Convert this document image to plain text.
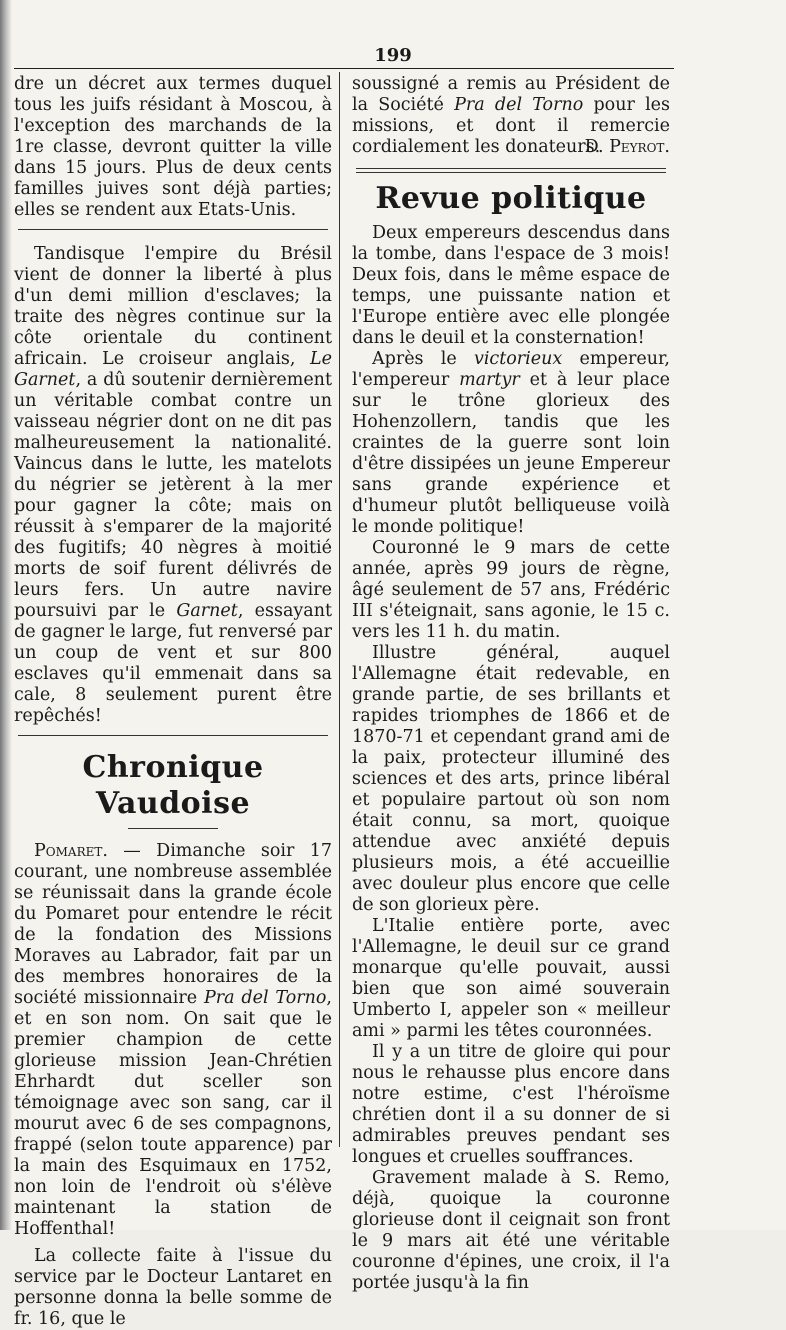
199

dre un décret aux termes duquel tous les juifs résidant à Moscou, à l'exception des marchands de la 1re classe, devront quitter la ville dans 15 jours. Plus de deux cents familles juives sont déjà parties; elles se rendent aux Etats-Unis.

Tandisque l'empire du Brésil vient de donner la liberté à plus d'un demi million d'esclaves; la traite des nègres continue sur la côte orientale du continent africain. Le croiseur anglais, Le Garnet, a dû soutenir dernièrement un véritable combat contre un vaisseau négrier dont on ne dit pas malheureusement la nationalité. Vaincus dans le lutte, les matelots du négrier se jetèrent à la mer pour gagner la côte; mais on réussit à s'emparer de la majorité des fugitifs; 40 nègres à moitié morts de soif furent délivrés de leurs fers. Un autre navire poursuivi par le Garnet, essayant de gagner le large, fut renversé par un coup de vent et sur 800 esclaves qu'il emmenait dans sa cale, 8 seulement purent être repêchés!

Chronique Vaudoise

Pomaret. — Dimanche soir 17 courant, une nombreuse assemblée se réunissait dans la grande école du Pomaret pour entendre le récit de la fondation des Missions Moraves au Labrador, fait par un des membres honoraires de la société missionnaire Pra del Torno, et en son nom. On sait que le premier champion de cette glorieuse mission Jean-Chrétien Ehrhardt dut sceller son témoignage avec son sang, car il mourut avec 6 de ses compagnons, frappé (selon toute apparence) par la main des Esquimaux en 1752, non loin de l'endroit où s'élève maintenant la station de Hoffenthal!

La collecte faite à l'issue du service par le Docteur Lantaret en personne donna la belle somme de fr. 16, que le

soussigné a remis au Président de la Société Pra del Torno pour les missions, et dont il remercie cordialement les donateurs.

D. Peyrot.
Revue politique

Deux empereurs descendus dans la tombe, dans l'espace de 3 mois! Deux fois, dans le même espace de temps, une puissante nation et l'Europe entière avec elle plongée dans le deuil et la consternation!

Après le victorieux empereur, l'empereur martyr et à leur place sur le trône glorieux des Hohenzollern, tandis que les craintes de la guerre sont loin d'être dissipées un jeune Empereur sans grande expérience et d'humeur plutôt belliqueuse voilà le monde politique!

Couronné le 9 mars de cette année, après 99 jours de règne, âgé seulement de 57 ans, Frédéric III s'éteignait, sans agonie, le 15 c. vers les 11 h. du matin.

Illustre général, auquel l'Allemagne était redevable, en grande partie, de ses brillants et rapides triomphes de 1866 et de 1870-71 et cependant grand ami de la paix, protecteur illuminé des sciences et des arts, prince libéral et populaire partout où son nom était connu, sa mort, quoique attendue avec anxiété depuis plusieurs mois, a été accueillie avec douleur plus encore que celle de son glorieux père.

L'Italie entière porte, avec l'Allemagne, le deuil sur ce grand monarque qu'elle pouvait, aussi bien que son aimé souverain Umberto I, appeler son « meilleur ami » parmi les têtes couronnées.

Il y a un titre de gloire qui pour nous le rehausse plus encore dans notre estime, c'est l'héroïsme chrétien dont il a su donner de si admirables preuves pendant ses longues et cruelles souffrances.

Gravement malade à S. Remo, déjà, quoique la couronne glorieuse dont il ceignait son front le 9 mars ait été une véritable couronne d'épines, une croix, il l'a portée jusqu'à la fin
